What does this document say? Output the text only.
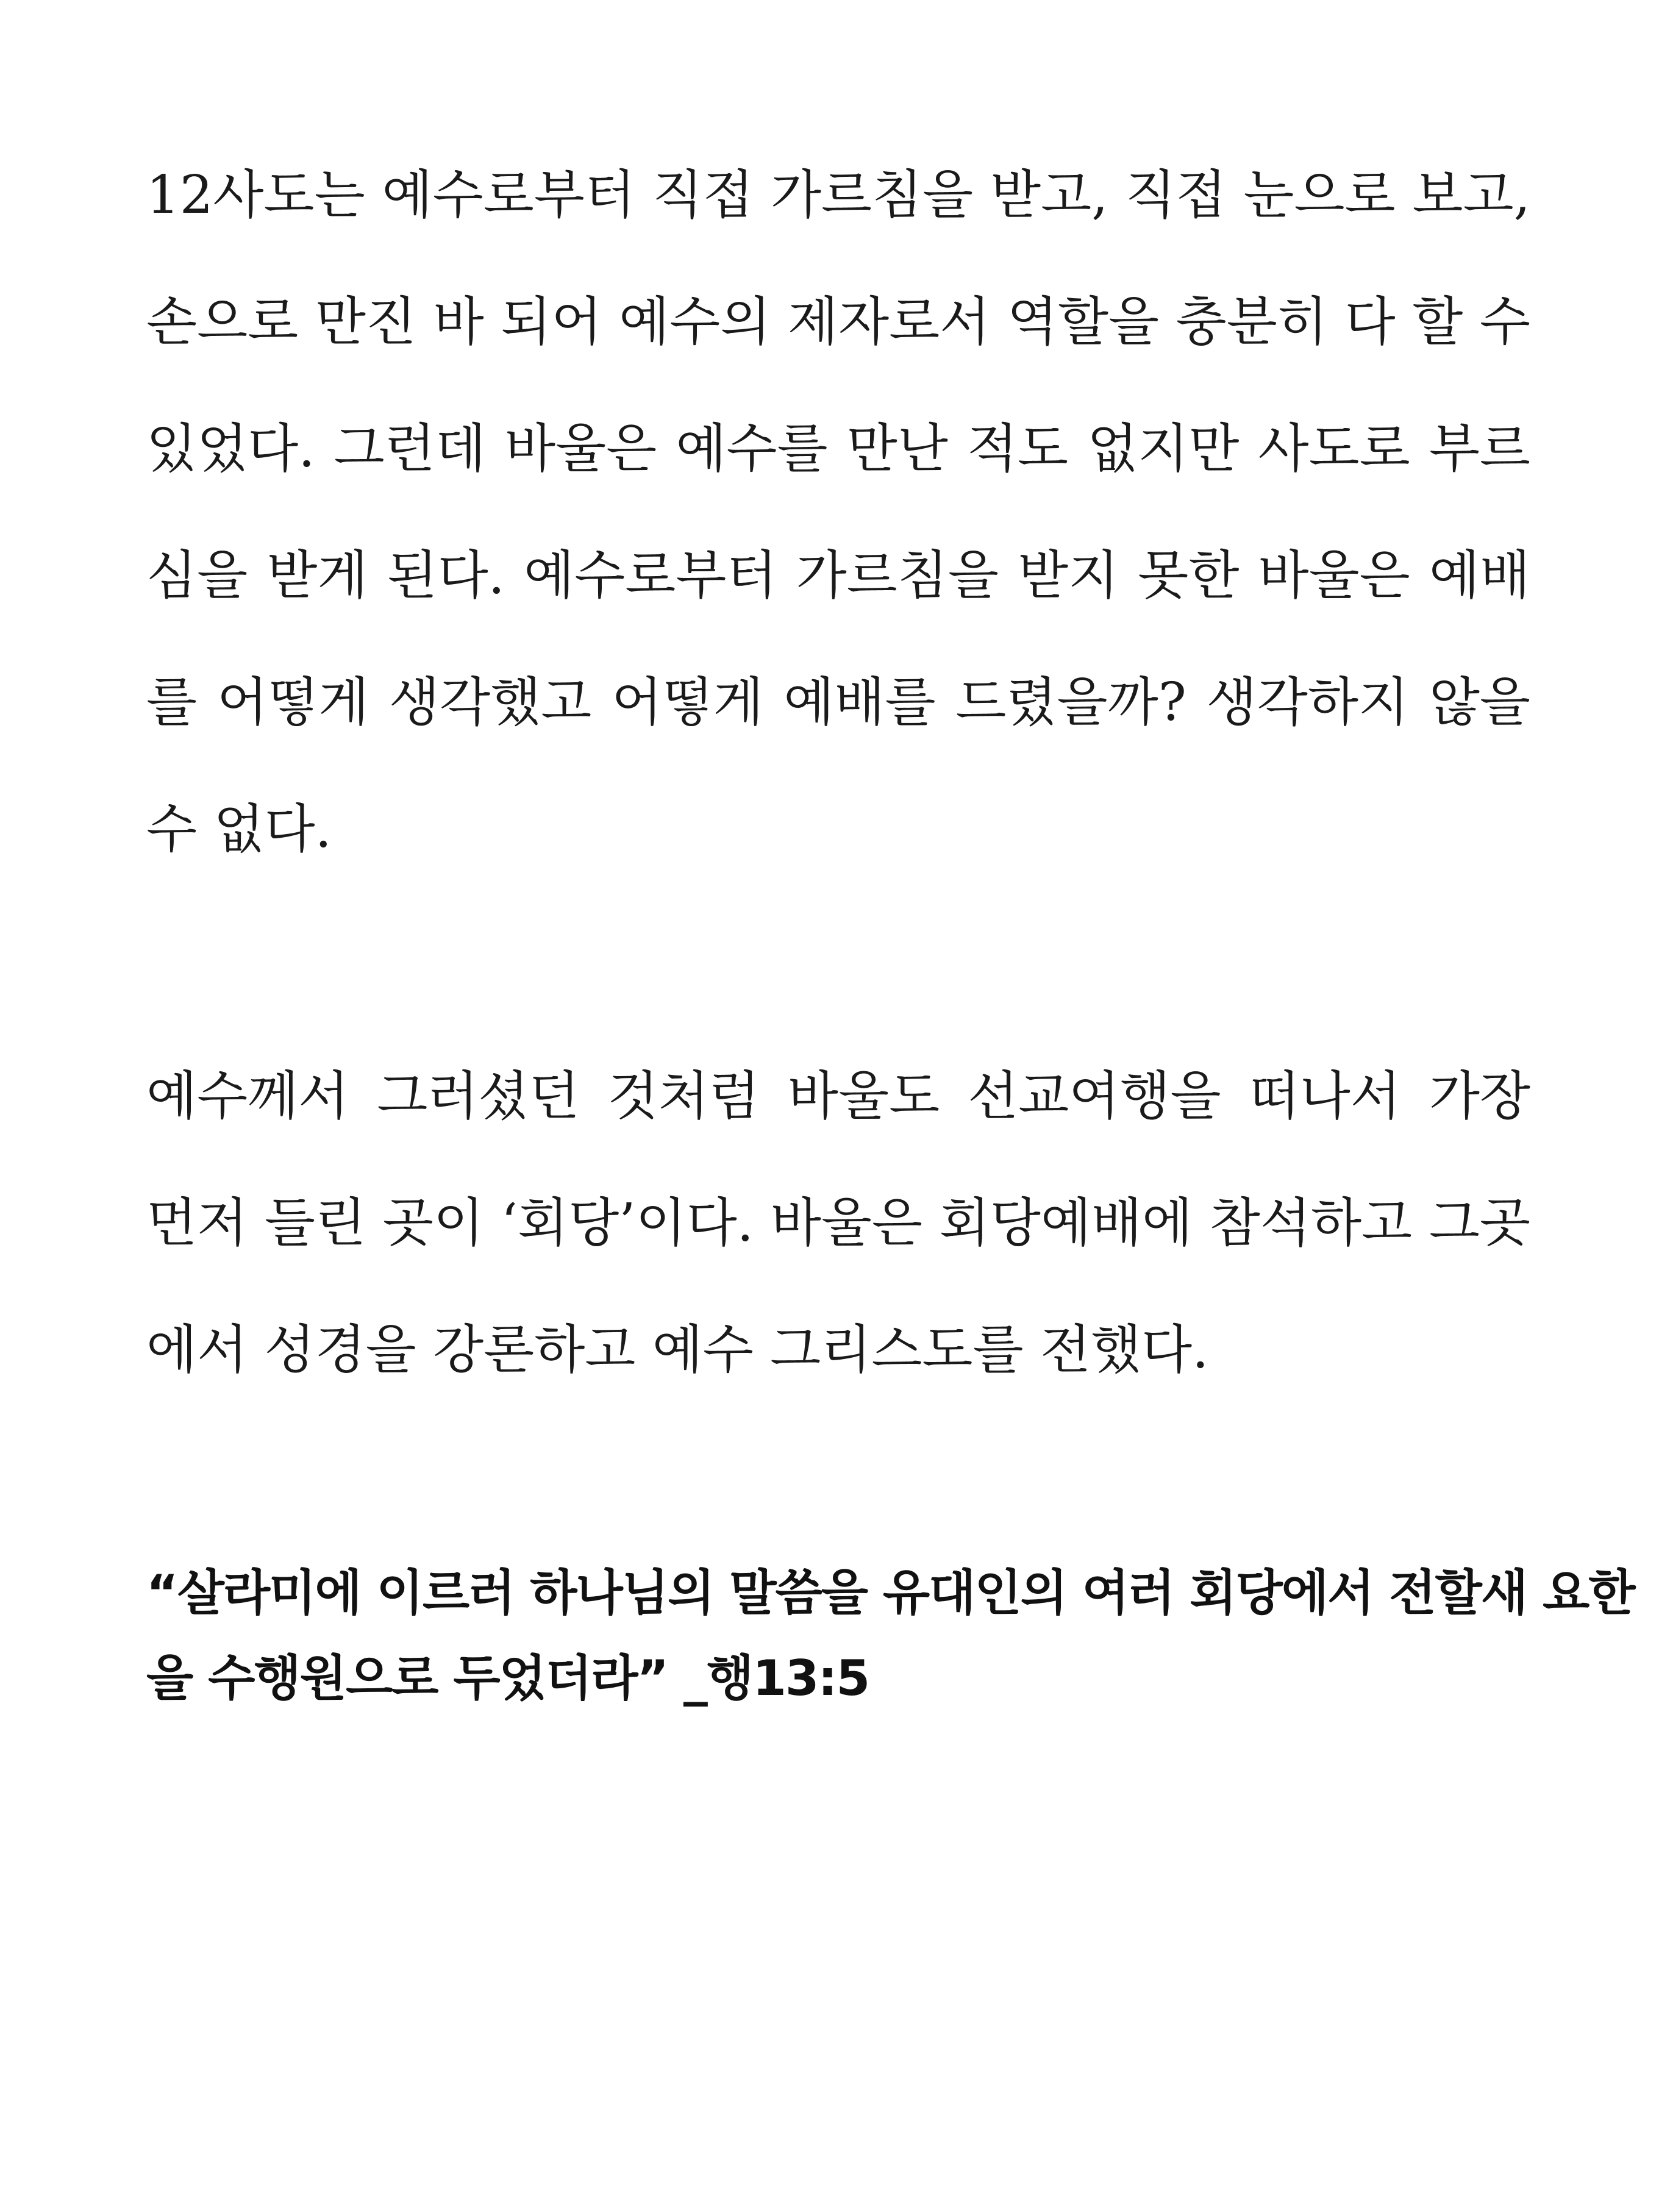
12사도는 예수로부터 직접 가르침을 받고, 직접 눈으로 보고,
손으로 만진 바 되어 예수의 제자로서 역할을 충분히 다 할 수
있었다. 그런데 바울은 예수를 만난 적도 없지만 사도로 부르
심을 받게 된다. 예수로부터 가르침을 받지 못한 바울은 예배
를 어떻게 생각했고 어떻게 예배를 드렸을까? 생각하지 않을
수 없다.
예수께서 그러셨던 것처럼 바울도 선교여행을 떠나서 가장
먼저 들린 곳이 ‘회당’이다. 바울은 회당예배에 참석하고 그곳
에서 성경을 강론하고 예수 그리스도를 전했다.
“살라미에 이르러 하나님의 말씀을 유대인의 여러 회당에서 전할새 요한
을 수행원으로 두었더라” _행13:5
